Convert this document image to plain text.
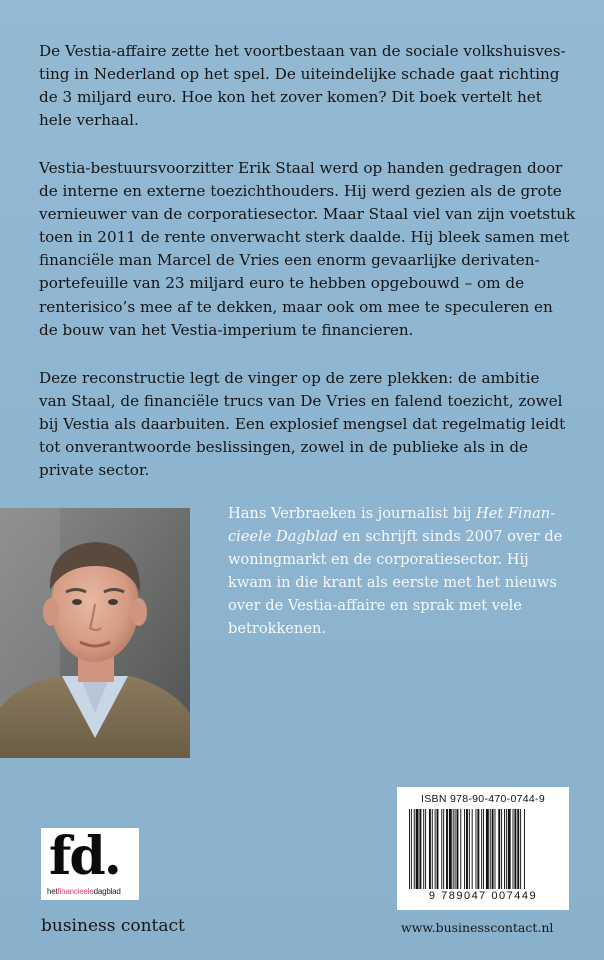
De Vestia-affaire zette het voortbestaan van de sociale volkshuisves-
ting in Nederland op het spel. De uiteindelijke schade gaat richting
de 3 miljard euro. Hoe kon het zover komen? Dit boek vertelt het
hele verhaal.
Vestia-bestuursvoorzitter Erik Staal werd op handen gedragen door
de interne en externe toezichthouders. Hij werd gezien als de grote
vernieuwer van de corporatiesector. Maar Staal viel van zijn voetstuk
toen in 2011 de rente onverwacht sterk daalde. Hij bleek samen met
financiële man Marcel de Vries een enorm gevaarlijke derivaten-
portefeuille van 23 miljard euro te hebben opgebouwd – om de
renterisico’s mee af te dekken, maar ook om mee te speculeren en
de bouw van het Vestia-imperium te financieren.
Deze reconstructie legt de vinger op de zere plekken: de ambitie
van Staal, de financiële trucs van De Vries en falend toezicht, zowel
bij Vestia als daarbuiten. Een explosief mengsel dat regelmatig leidt
tot onverantwoorde beslissingen, zowel in de publieke als in de
private sector.
Hans Verbraeken is journalist bij Het Finan-
cieele Dagblad en schrijft sinds 2007 over de
woningmarkt en de corporatiesector. Hij
kwam in die krant als eerste met het nieuws
over de Vestia-affaire en sprak met vele
betrokkenen.
ISBN 978-90-470-0744-9
9 789047 007449
fd.
hetfinancieeledagblad
business contact	www.businesscontact.nl
